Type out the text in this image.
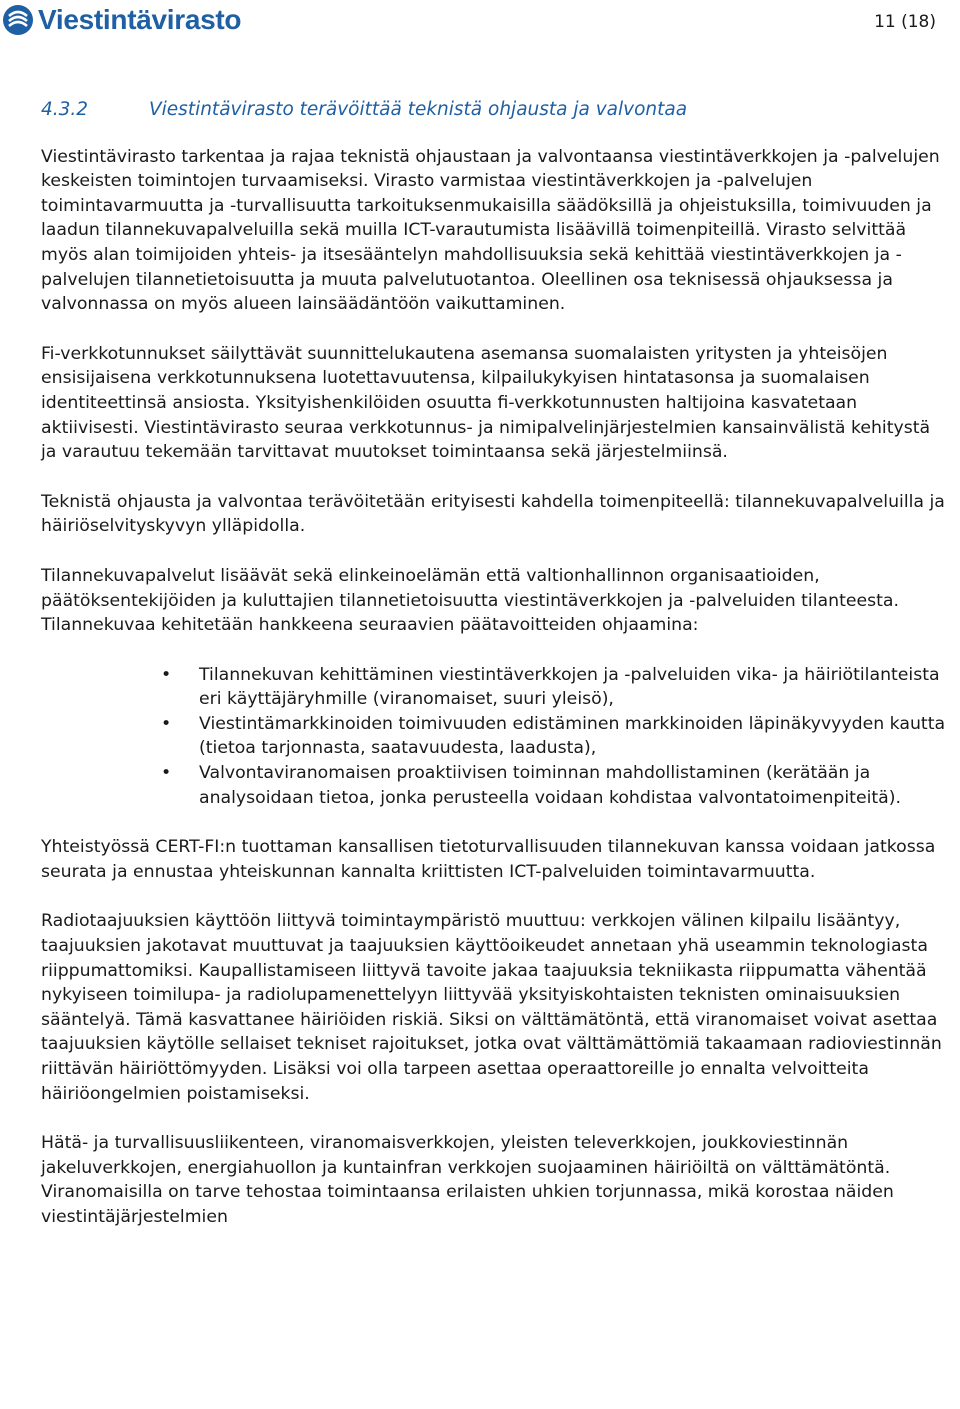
Viestintävirasto	11 (18)
4.3.2	Viestintävirasto terävöittää teknistä ohjausta ja valvontaa

Viestintävirasto tarkentaa ja rajaa teknistä ohjaustaan ja valvontaansa viestintäverkkojen ja -palvelujen keskeisten toimintojen turvaamiseksi. Virasto varmistaa viestintäverkkojen ja -palvelujen toimintavarmuutta ja -turvallisuutta tarkoituksenmukaisilla säädöksillä ja ohjeistuksilla, toimivuuden ja laadun tilannekuvapalveluilla sekä muilla ICT-varautumista lisäävillä toimenpiteillä. Virasto selvittää myös alan toimijoiden yhteis- ja itsesääntelyn mahdollisuuksia sekä kehittää viestintäverkkojen ja -palvelujen tilannetietoisuutta ja muuta palvelutuotantoa. Oleellinen osa teknisessä ohjauksessa ja valvonnassa on myös alueen lainsäädäntöön vaikuttaminen.

Fi-verkkotunnukset säilyttävät suunnittelukautena asemansa suomalaisten yritysten ja yhteisöjen ensisijaisena verkkotunnuksena luotettavuutensa, kilpailukykyisen hintatasonsa ja suomalaisen identiteettinsä ansiosta. Yksityishenkilöiden osuutta fi-verkkotunnusten haltijoina kasvatetaan aktiivisesti. Viestintävirasto seuraa verkkotunnus- ja nimipalvelinjärjestelmien kansainvälistä kehitystä ja varautuu tekemään tarvittavat muutokset toimintaansa sekä järjestelmiinsä.

Teknistä ohjausta ja valvontaa terävöitetään erityisesti kahdella toimenpiteellä: tilannekuvapalveluilla ja häiriöselvityskyvyn ylläpidolla.

Tilannekuvapalvelut lisäävät sekä elinkeinoelämän että valtionhallinnon organisaatioiden, päätöksentekijöiden ja kuluttajien tilannetietoisuutta viestintäverkkojen ja -palveluiden tilanteesta. Tilannekuvaa kehitetään hankkeena seuraavien päätavoitteiden ohjaamina:

• Tilannekuvan kehittäminen viestintäverkkojen ja -palveluiden vika- ja häiriötilanteista eri käyttäjäryhmille (viranomaiset, suuri yleisö),
• Viestintämarkkinoiden toimivuuden edistäminen markkinoiden läpinäkyvyyden kautta (tietoa tarjonnasta, saatavuudesta, laadusta),
• Valvontaviranomaisen proaktiivisen toiminnan mahdollistaminen (kerätään ja analysoidaan tietoa, jonka perusteella voidaan kohdistaa valvontatoimenpiteitä).

Yhteistyössä CERT-FI:n tuottaman kansallisen tietoturvallisuuden tilannekuvan kanssa voidaan jatkossa seurata ja ennustaa yhteiskunnan kannalta kriittisten ICT-palveluiden toimintavarmuutta.

Radiotaajuuksien käyttöön liittyvä toimintaympäristö muuttuu: verkkojen välinen kilpailu lisääntyy, taajuuksien jakotavat muuttuvat ja taajuuksien käyttöoikeudet annetaan yhä useammin teknologiasta riippumattomiksi. Kaupallistamiseen liittyvä tavoite jakaa taajuuksia tekniikasta riippumatta vähentää nykyiseen toimilupa- ja radiolupamenettelyyn liittyvää yksityiskohtaisten teknisten ominaisuuksien sääntelyä. Tämä kasvattanee häiriöiden riskiä. Siksi on välttämätöntä, että viranomaiset voivat asettaa taajuuksien käytölle sellaiset tekniset rajoitukset, jotka ovat välttämättömiä takaamaan radioviestinnän riittävän häiriöttömyyden. Lisäksi voi olla tarpeen asettaa operaattoreille jo ennalta velvoitteita häiriöongelmien poistamiseksi.

Hätä- ja turvallisuusliikenteen, viranomaisverkkojen, yleisten televerkkojen, joukkoviestinnän jakeluverkkojen, energiahuollon ja kuntainfran verkkojen suojaaminen häiriöiltä on välttämätöntä. Viranomaisilla on tarve tehostaa toimintaansa erilaisten uhkien torjunnassa, mikä korostaa näiden viestintäjärjestelmien
